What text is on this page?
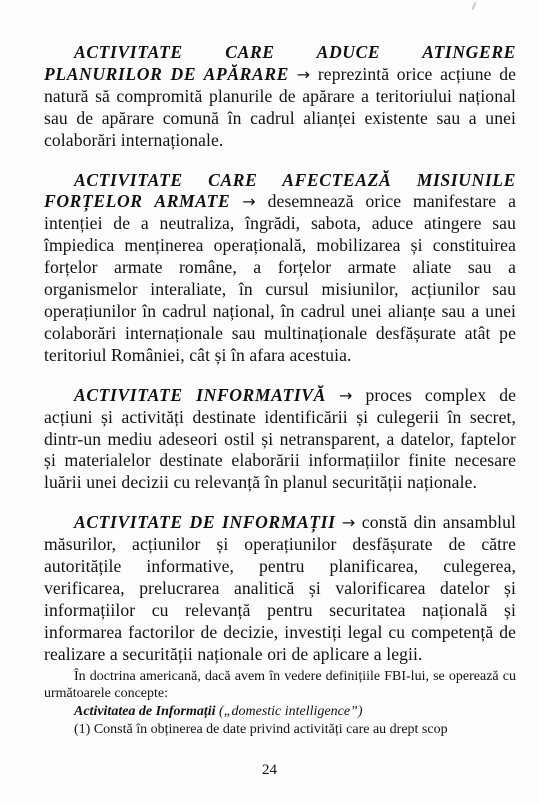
ACTIVITATE CARE ADUCE ATINGERE PLANURILOR DE APĂRARE → reprezintă orice acțiune de natură să compromită planurile de apărare a teritoriului național sau de apărare comună în cadrul alianței existente sau a unei colaborări internaționale.

ACTIVITATE CARE AFECTEAZĂ MISIUNILE FORȚELOR ARMATE → desemnează orice manifestare a intenției de a neutraliza, îngrădi, sabota, aduce atingere sau împiedica menținerea operațională, mobilizarea și constituirea forțelor armate române, a forțelor armate aliate sau a organismelor interaliate, în cursul misiunilor, acțiunilor sau operațiunilor în cadrul național, în cadrul unei alianțe sau a unei colaborări internaționale sau multinaționale desfășurate atât pe teritoriul României, cât și în afara acestuia.

ACTIVITATE INFORMATIVĂ → proces complex de acțiuni și activități destinate identificării și culegerii în secret, dintr-un mediu adeseori ostil și netransparent, a datelor, faptelor și materialelor destinate elaborării informațiilor finite necesare luării unei decizii cu relevanță în planul securității naționale.

ACTIVITATE DE INFORMAȚII → constă din ansamblul măsurilor, acțiunilor și operațiunilor desfășurate de către autoritățile informative, pentru planificarea, culegerea, verificarea, prelucrarea analitică și valorificarea datelor și informațiilor cu relevanță pentru securitatea națională și informarea factorilor de decizie, investiți legal cu competență de realizare a securității naționale ori de aplicare a legii.

În doctrina americană, dacă avem în vedere definițiile FBI-lui, se operează cu următoarele concepte:

Activitatea de Informații („domestic intelligence”)

(1) Constă în obținerea de date privind activități care au drept scop

24
